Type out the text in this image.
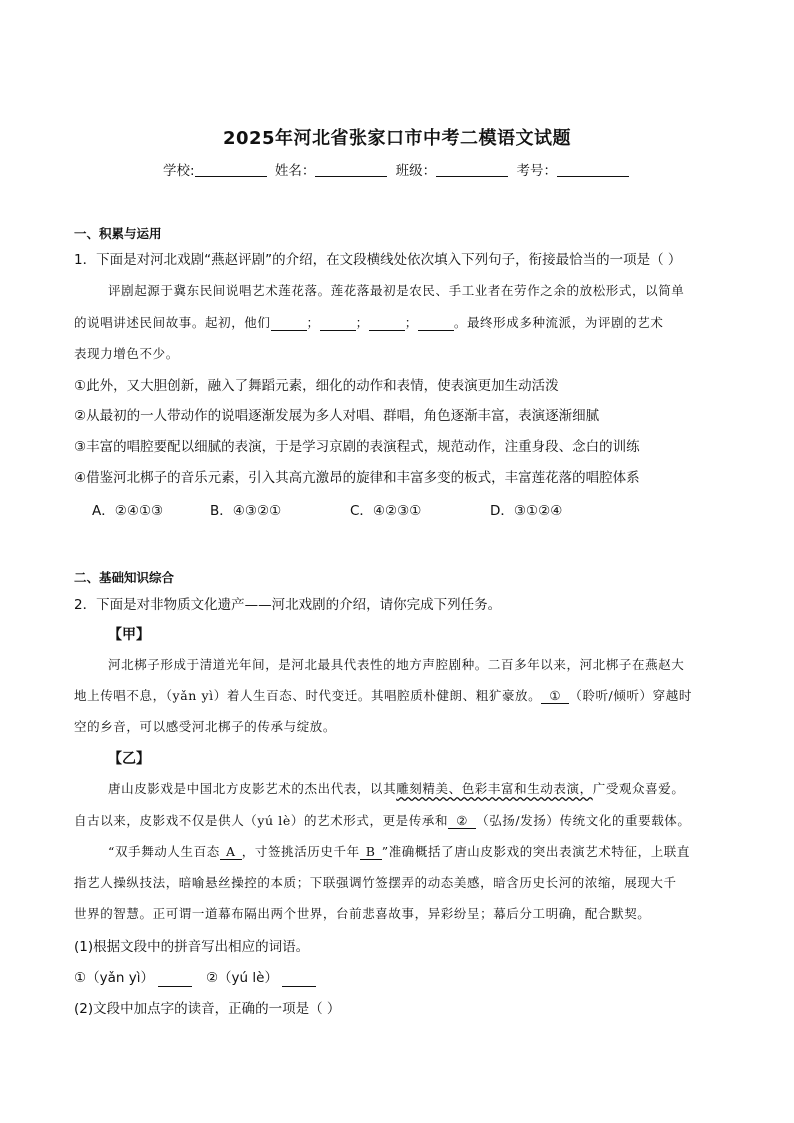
2025年河北省张家口市中考二模语文试题
学校:	姓名：	班级：	考号：
一、积累与运用
1．下面是对河北戏剧“燕赵评剧”的介绍，在文段横线处依次填入下列句子，衔接最恰当的一项是（ ）
评剧起源于冀东民间说唱艺术莲花落。莲花落最初是农民、手工业者在劳作之余的放松形式，以简单
的说唱讲述民间故事。起初，他们	；	；	；	。最终形成多种流派，为评剧的艺术
表现力增色不少。
①此外，又大胆创新，融入了舞蹈元素，细化的动作和表情，使表演更加生动活泼
②从最初的一人带动作的说唱逐渐发展为多人对唱、群唱，角色逐渐丰富，表演逐渐细腻
③丰富的唱腔要配以细腻的表演，于是学习京剧的表演程式，规范动作，注重身段、念白的训练
④借鉴河北梆子的音乐元素，引入其高亢激昂的旋律和丰富多变的板式，丰富莲花落的唱腔体系
A．②④①③	B．④③②①	C．④②③①	D．③①②④
二、基础知识综合
2．下面是对非物质文化遗产——河北戏剧的介绍，请你完成下列任务。
【甲】
河北梆子形成于清道光年间，是河北最具代表性的地方声腔剧种。二百多年以来，河北梆子在燕赵大
地上传唱不息，（yǎn yì）着人生百态、时代变迁。其唱腔质朴健朗、粗犷豪放。 ① （聆听/倾听）穿越时
空的乡音，可以感受河北梆子的传承与绽放。
【乙】
唐山皮影戏是中国北方皮影艺术的杰出代表，以其雕刻精美、色彩丰富和生动表演，广受观众喜爱。
自古以来，皮影戏不仅是供人（yú lè）的艺术形式，更是传承和 ② （弘扬/发扬）传统文化的重要载体。
“双手舞动人生百态 A ，寸签挑活历史千年 B ”准确概括了唐山皮影戏的突出表演艺术特征，上联直
指艺人操纵技法，暗喻悬丝操控的本质；下联强调竹签摆弄的动态美感，暗含历史长河的浓缩，展现大千
世界的智慧。正可谓一道幕布隔出两个世界，台前悲喜故事，异彩纷呈；幕后分工明确，配合默契。
(1)根据文段中的拼音写出相应的词语。
①（yǎn yì）	②（yú lè）
(2)文段中加点字的读音，正确的一项是（ ）
